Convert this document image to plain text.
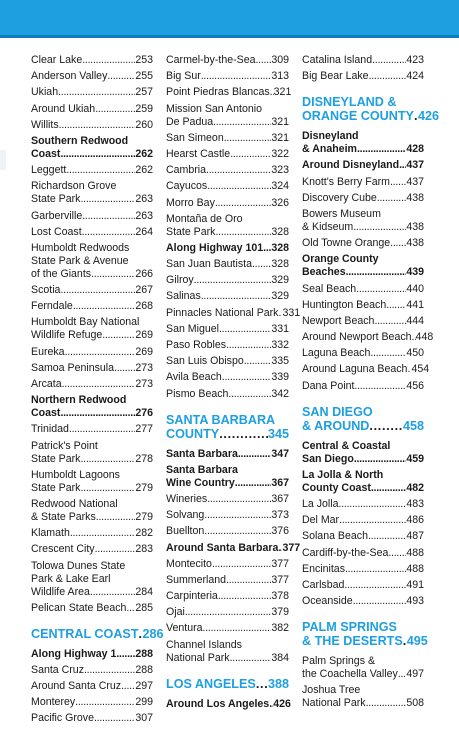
Clear Lake . . .	253
Anderson Valley . . .	255
Ukiah . . .	257
Around Ukiah . . .	259
Willits . . .	260
Southern Redwood
Coast . . .	262
Leggett . . .	262
Richardson Grove
State Park . . .	263
Garberville . . .	263
Lost Coast . . .	264
Humboldt Redwoods
State Park & Avenue
of the Giants . . .	266
Scotia . . .	267
Ferndale . . .	268
Humboldt Bay National
Wildlife Refuge . . .	269
Eureka . . .	269
Samoa Peninsula . . . 273
Arcata . . .	273
Northern Redwood
Coast . . .	276
Trinidad . . .	277
Patrick's Point
State Park . . .	278
Humboldt Lagoons
State Park . . .	279
Redwood National
& State Parks . . .	279
Klamath . . .	282
Crescent City . . .	283
Tolowa Dunes State
Park & Lake Earl
Wildlife Area . . .	284
Pelican State Beach . . . 285
CENTRAL COAST . . . 286
Along Highway 1 . . . 288
Santa Cruz . . .	288
Around Santa Cruz . . . 297
Monterey . . .	299
Pacific Grove . . .	307
Carmel-by-the-Sea . . . 309
Big Sur . . .	313
Point Piedras Blancas . . . 321
Mission San Antonio
De Padua . . .	321
San Simeon . . .	321
Hearst Castle . . .	322
Cambria . . .	323
Cayucos . . .	324
Morro Bay . . .	326
Montaña de Oro
State Park . . .	328
Along Highway 101 . . . 328
San Juan Bautista . . . 328
Gilroy . . .	329
Salinas . . .	329
Pinnacles National Park . . . 331
San Miguel . . .	331
Paso Robles . . .	332
San Luis Obispo . . .	335
Avila Beach . . .	339
Pismo Beach . . .	342
SANTA BARBARA
COUNTY . . .	345
Santa Barbara . . .	347
Santa Barbara
Wine Country . . .	367
Wineries . . .	367
Solvang . . .	373
Buellton . . .	376
Around Santa Barbara . . . 377
Montecito . . .	377
Summerland . . .	377
Carpinteria . . .	378
Ojai . . .	379
Ventura . . .	382
Channel Islands
National Park . . .	384
LOS ANGELES . . . 388
Around Los Angeles . . . 426
Catalina Island . . .	423
Big Bear Lake . . .	424
DISNEYLAND &
ORANGE COUNTY . . . 426
Disneyland
& Anaheim . . .	428
Around Disneyland . . . 437
Knott's Berry Farm . . . 437
Discovery Cube . . .	438
Bowers Museum
& Kidseum . . .	438
Old Towne Orange . . . 438
Orange County
Beaches . . .	439
Seal Beach . . .	440
Huntington Beach . . . 441
Newport Beach . . .	444
Around Newport Beach . . . 448
Laguna Beach . . .	450
Around Laguna Beach . . . 454
Dana Point . . .	456
SAN DIEGO
& AROUND . . .	458
Central & Coastal
San Diego . . .	459
La Jolla & North
County Coast . . .	482
La Jolla . . .	483
Del Mar . . .	486
Solana Beach . . .	487
Cardiff-by-the-Sea . . . 488
Encinitas . . .	488
Carlsbad . . .	491
Oceanside . . .	493
PALM SPRINGS
& THE DESERTS . . . 495
Palm Springs &
the Coachella Valley . . . 497
Joshua Tree
National Park . . .	508
